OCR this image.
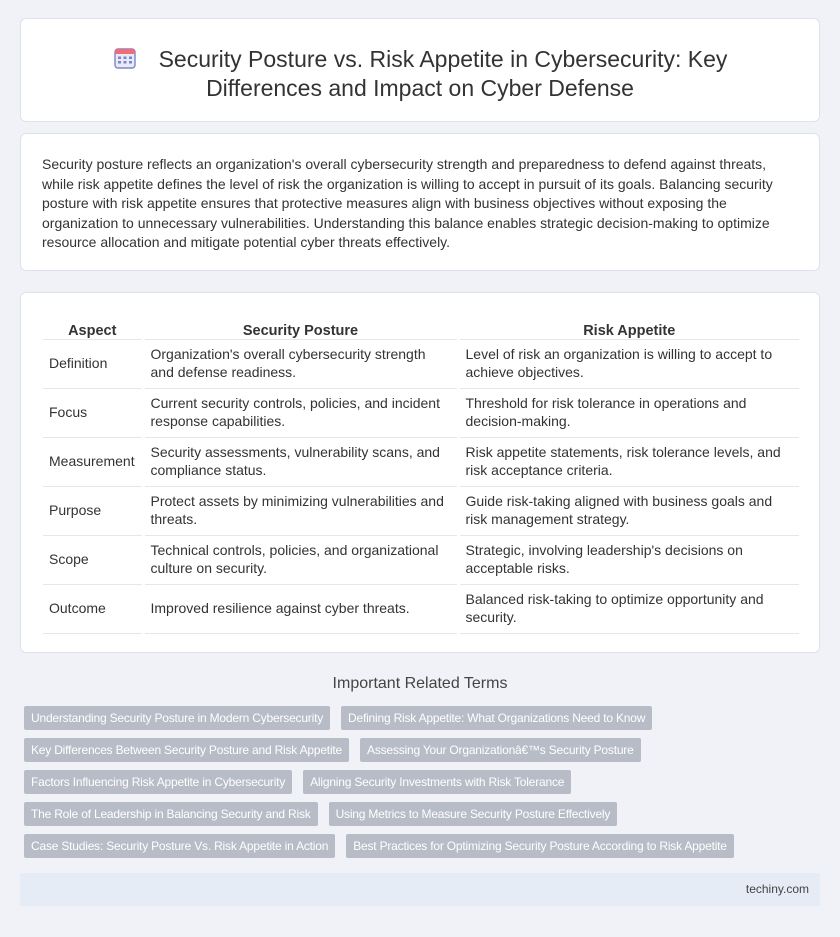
Security Posture vs. Risk Appetite in Cybersecurity: Key Differences and Impact on Cyber Defense

Security posture reflects an organization's overall cybersecurity strength and preparedness to defend against threats, while risk appetite defines the level of risk the organization is willing to accept in pursuit of its goals. Balancing security posture with risk appetite ensures that protective measures align with business objectives without exposing the organization to unnecessary vulnerabilities. Understanding this balance enables strategic decision-making to optimize resource allocation and mitigate potential cyber threats effectively.

Aspect	Security Posture	Risk Appetite
Definition	Organization's overall cybersecurity strength and defense readiness.	Level of risk an organization is willing to accept to achieve objectives.
Focus	Current security controls, policies, and incident response capabilities.	Threshold for risk tolerance in operations and decision-making.
Measurement	Security assessments, vulnerability scans, and compliance status.	Risk appetite statements, risk tolerance levels, and risk acceptance criteria.
Purpose	Protect assets by minimizing vulnerabilities and threats.	Guide risk-taking aligned with business goals and risk management strategy.
Scope	Technical controls, policies, and organizational culture on security.	Strategic, involving leadership's decisions on acceptable risks.
Outcome	Improved resilience against cyber threats.	Balanced risk-taking to optimize opportunity and security.
Important Related Terms
Understanding Security Posture in Modern Cybersecurity Defining Risk Appetite: What Organizations Need to Know
Key Differences Between Security Posture and Risk Appetite Assessing Your Organizationâ€™s Security Posture
Factors Influencing Risk Appetite in Cybersecurity Aligning Security Investments with Risk Tolerance
The Role of Leadership in Balancing Security and Risk Using Metrics to Measure Security Posture Effectively
Case Studies: Security Posture Vs. Risk Appetite in Action Best Practices for Optimizing Security Posture According to Risk Appetite
techiny.com
